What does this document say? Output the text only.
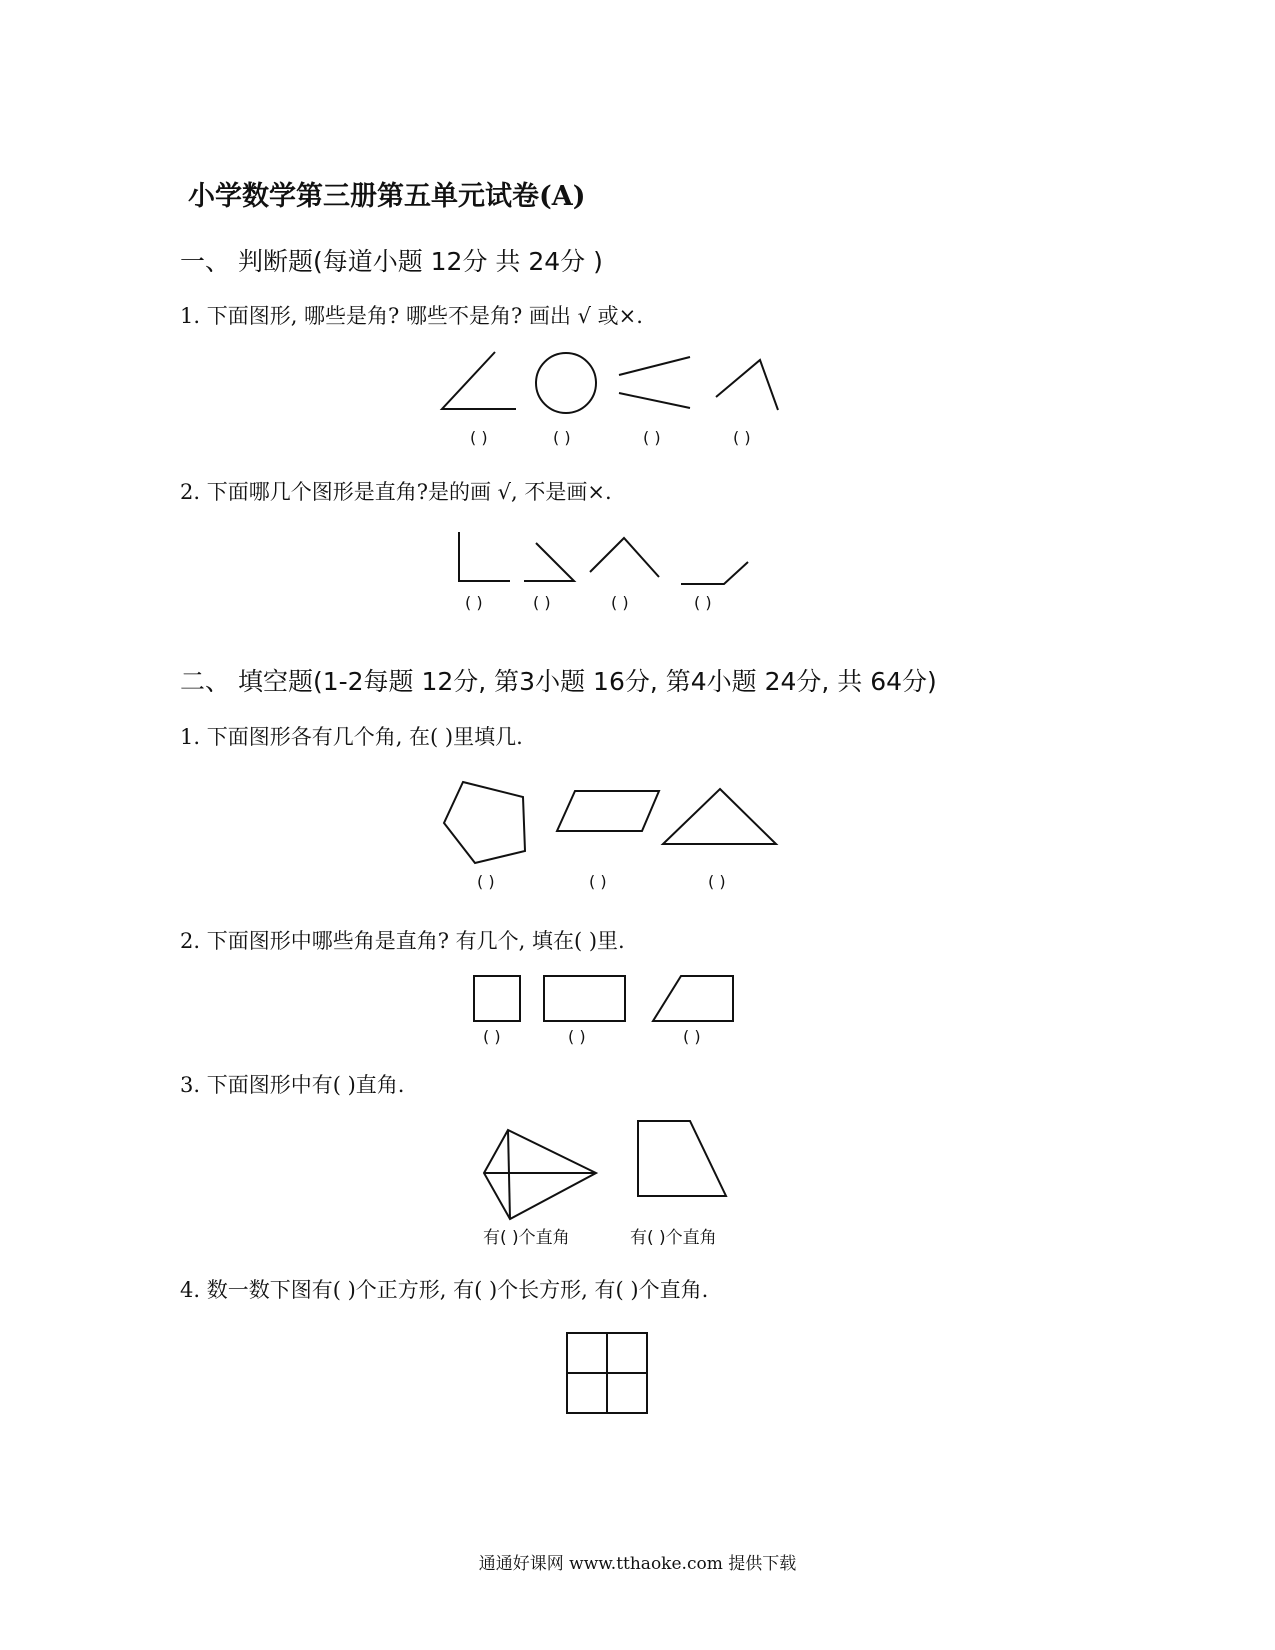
小学数学第三册第五单元试卷(A)
一、 判断题(每道小题 12分 共 24分 )
1. 下面图形, 哪些是角? 哪些不是角? 画出 √ 或×.
( )	( )	( )	( )
2. 下面哪几个图形是直角?是的画 √, 不是画×.
( )	( )	( )	( )
二、 填空题(1-2每题 12分, 第3小题 16分, 第4小题 24分, 共 64分)
1. 下面图形各有几个角, 在( )里填几.
( )	( )	( )
2. 下面图形中哪些角是直角? 有几个, 填在( )里.
( )	( )	( )
3. 下面图形中有( )直角.
有( )个直角	有( )个直角
4. 数一数下图有( )个正方形, 有( )个长方形, 有( )个直角.
通通好课网 www.tthaoke.com 提供下载
